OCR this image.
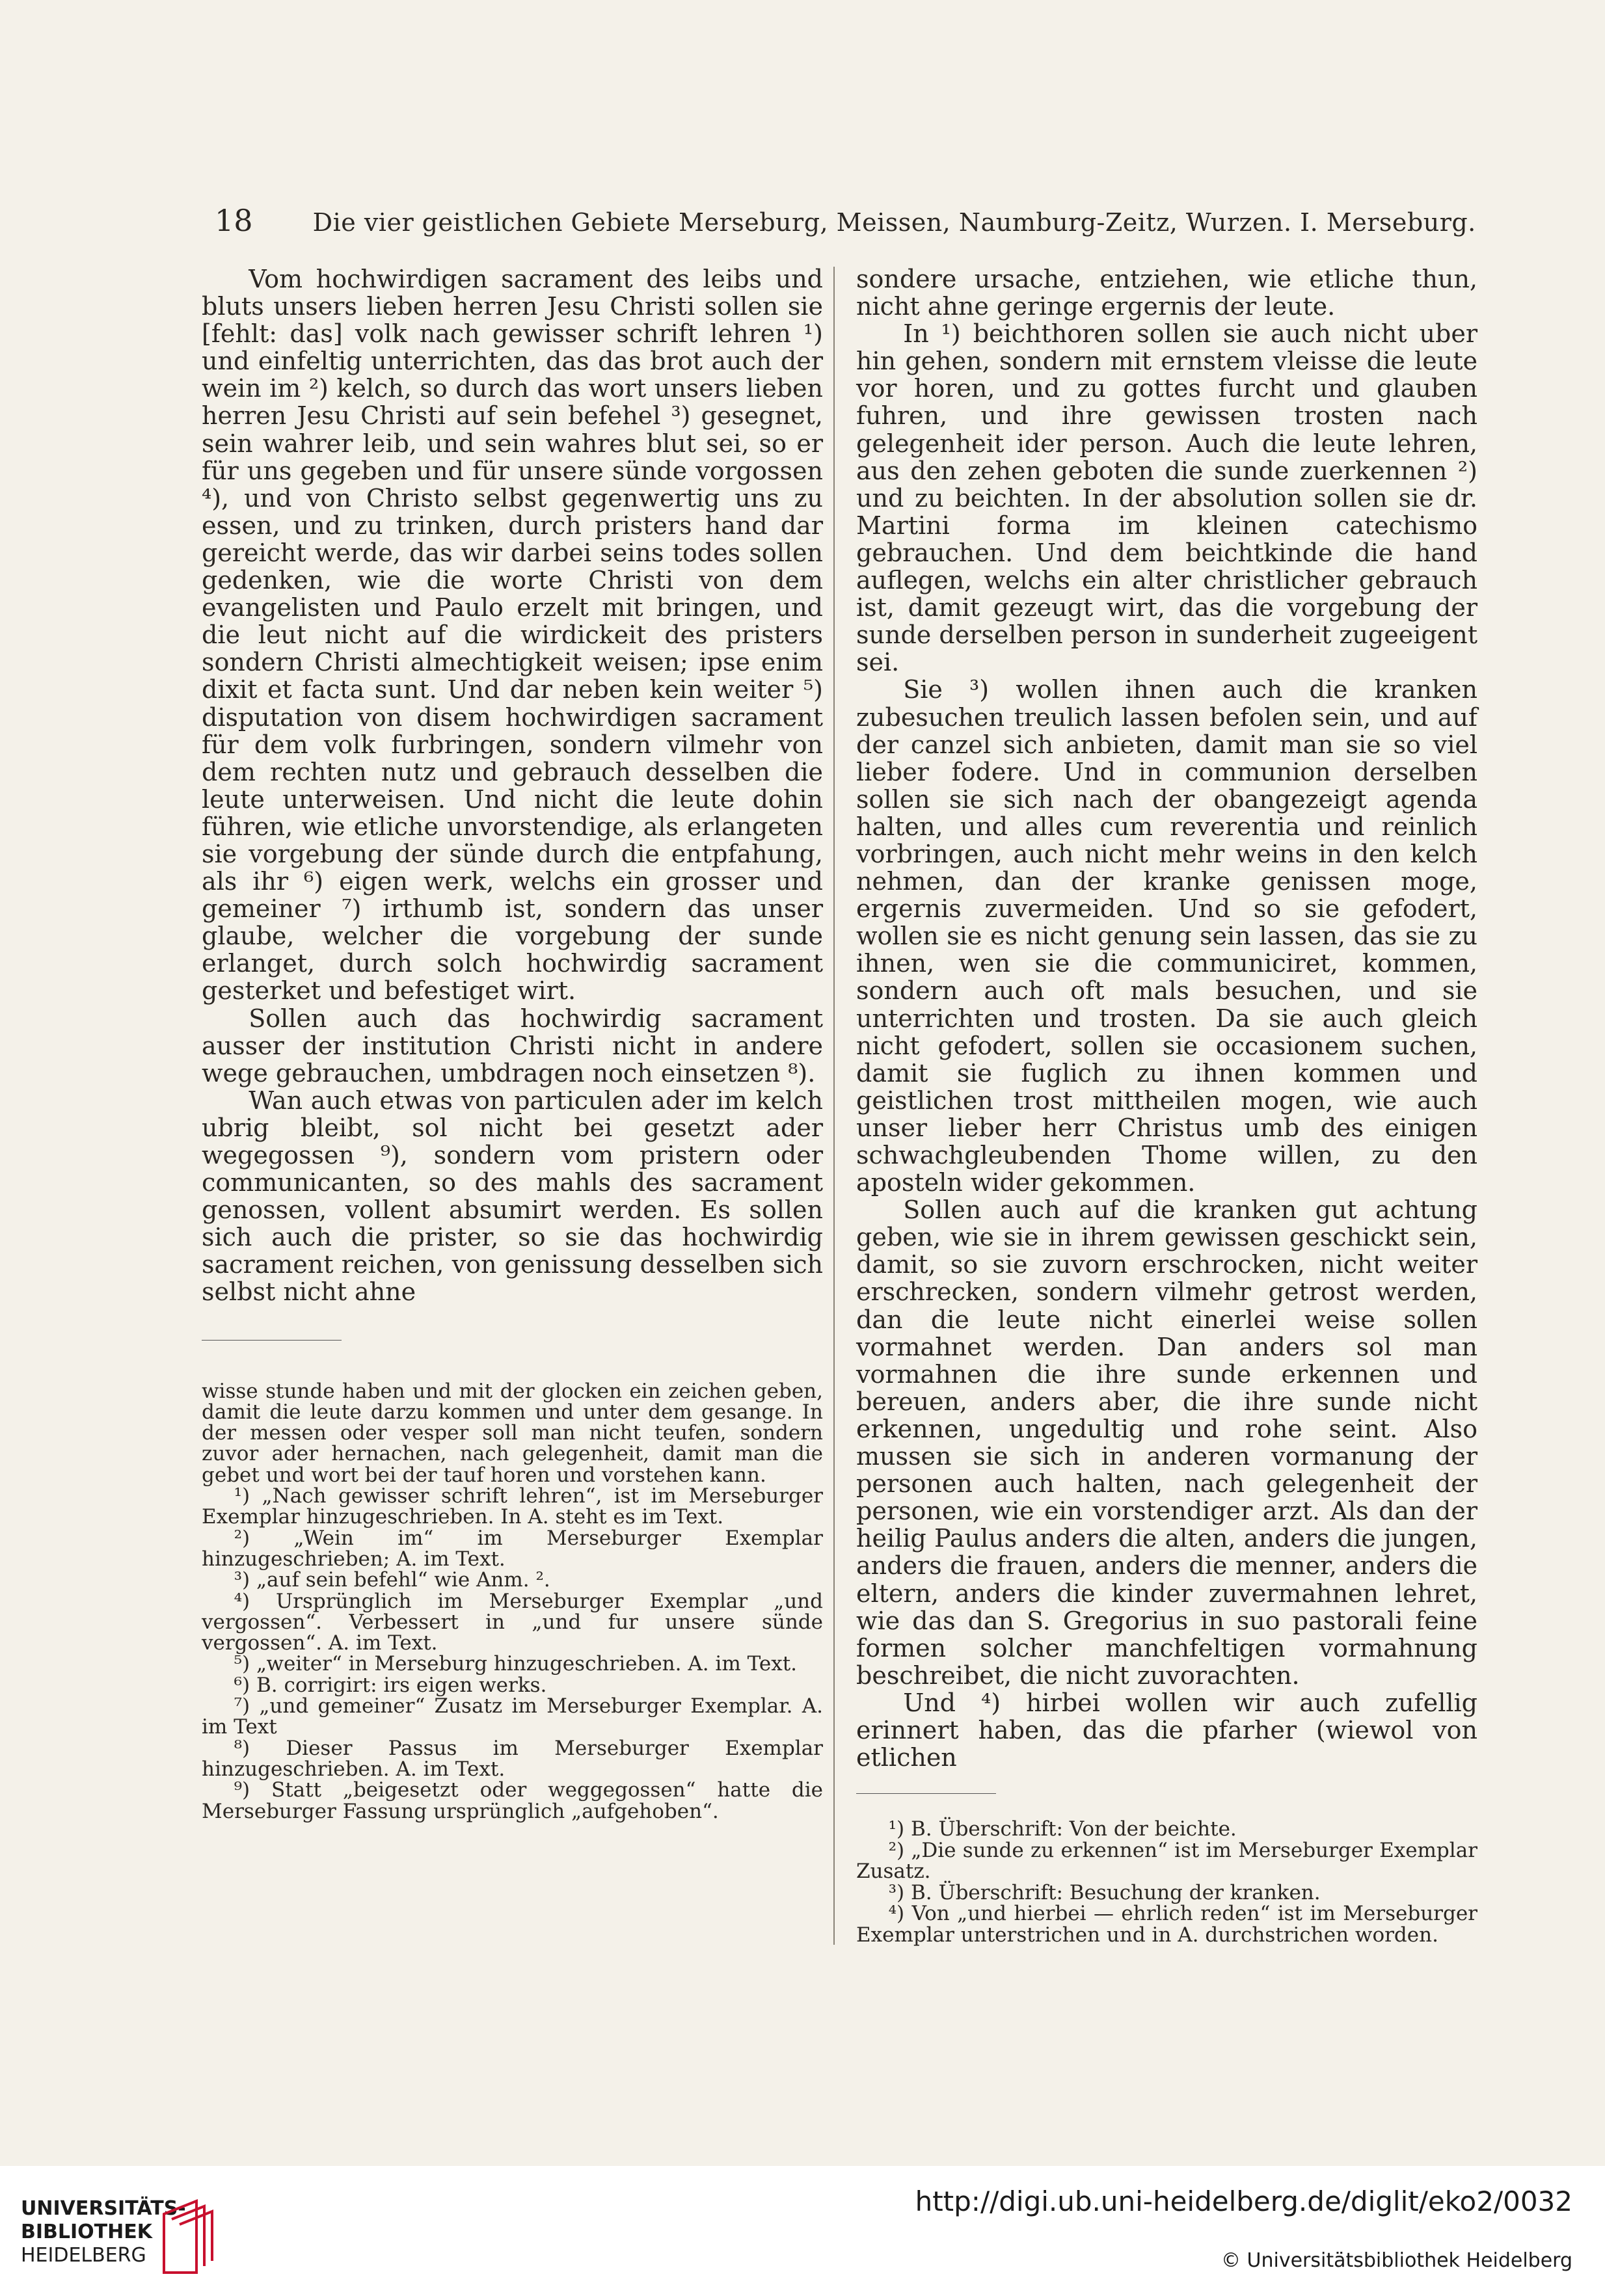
18 Die vier geistlichen Gebiete Merseburg, Meissen, Naumburg-Zeitz, Wurzen. I. Merseburg.

Vom hochwirdigen sacrament des leibs und bluts unsers lieben herren Jesu Christi sollen sie [fehlt: das] volk nach gewisser schrift lehren ¹) und einfeltig unterrichten, das das brot auch der wein im ²) kelch, so durch das wort unsers lieben herren Jesu Christi auf sein befehel ³) gesegnet, sein wahrer leib, und sein wahres blut sei, so er für uns gegeben und für unsere sünde vorgossen ⁴), und von Christo selbst gegenwertig uns zu essen, und zu trinken, durch pristers hand dar gereicht werde, das wir darbei seins todes sollen gedenken, wie die worte Christi von dem evangelisten und Paulo erzelt mit bringen, und die leut nicht auf die wirdickeit des pristers sondern Christi almechtigkeit weisen; ipse enim dixit et facta sunt. Und dar neben kein weiter ⁵) disputation von disem hochwirdigen sacrament für dem volk furbringen, sondern vilmehr von dem rechten nutz und gebrauch desselben die leute unterweisen. Und nicht die leute dohin führen, wie etliche unvorstendige, als erlangeten sie vorgebung der sünde durch die entpfahung, als ihr ⁶) eigen werk, welchs ein grosser und gemeiner ⁷) irthumb ist, sondern das unser glaube, welcher die vorgebung der sunde erlanget, durch solch hochwirdig sacrament gesterket und befestiget wirt.

Sollen auch das hochwirdig sacrament ausser der institution Christi nicht in andere wege gebrauchen, umbdragen noch einsetzen ⁸).

Wan auch etwas von particulen ader im kelch ubrig bleibt, sol nicht bei gesetzt ader wegegossen ⁹), sondern vom pristern oder communicanten, so des mahls des sacrament genossen, vollent absumirt werden. Es sollen sich auch die prister, so sie das hochwirdig sacrament reichen, von genissung desselben sich selbst nicht ahne

wisse stunde haben und mit der glocken ein zeichen geben, damit die leute darzu kommen und unter dem gesange. In der messen oder vesper soll man nicht teufen, sondern zuvor ader hernachen, nach gelegenheit, damit man die gebet und wort bei der tauf horen und vorstehen kann.

¹) „Nach gewisser schrift lehren“, ist im Merseburger Exemplar hinzugeschrieben. In A. steht es im Text.

²) „Wein im“ im Merseburger Exemplar hinzugeschrieben; A. im Text.

³) „auf sein befehl“ wie Anm. ².

⁴) Ursprünglich im Merseburger Exemplar „und vergossen“. Verbessert in „und fur unsere sünde vergossen“. A. im Text.

⁵) „weiter“ in Merseburg hinzugeschrieben. A. im Text.

⁶) B. corrigirt: irs eigen werks.

⁷) „und gemeiner“ Zusatz im Merseburger Exemplar. A. im Text

⁸) Dieser Passus im Merseburger Exemplar hinzugeschrieben. A. im Text.

⁹) Statt „beigesetzt oder weggegossen“ hatte die Merseburger Fassung ursprünglich „aufgehoben“.

sondere ursache, entziehen, wie etliche thun, nicht ahne geringe ergernis der leute.

In ¹) beichthoren sollen sie auch nicht uber hin gehen, sondern mit ernstem vleisse die leute vor horen, und zu gottes furcht und glauben fuhren, und ihre gewissen trosten nach gelegenheit ider person. Auch die leute lehren, aus den zehen geboten die sunde zuerkennen ²) und zu beichten. In der absolution sollen sie dr. Martini forma im kleinen catechismo gebrauchen. Und dem beichtkinde die hand auflegen, welchs ein alter christlicher gebrauch ist, damit gezeugt wirt, das die vorgebung der sunde derselben person in sunderheit zugeeigent sei.

Sie ³) wollen ihnen auch die kranken zubesuchen treulich lassen befolen sein, und auf der canzel sich anbieten, damit man sie so viel lieber fodere. Und in communion derselben sollen sie sich nach der obangezeigt agenda halten, und alles cum reverentia und reinlich vorbringen, auch nicht mehr weins in den kelch nehmen, dan der kranke genissen moge, ergernis zuvermeiden. Und so sie gefodert, wollen sie es nicht genung sein lassen, das sie zu ihnen, wen sie die communiciret, kommen, sondern auch oft mals besuchen, und sie unterrichten und trosten. Da sie auch gleich nicht gefodert, sollen sie occasionem suchen, damit sie fuglich zu ihnen kommen und geistlichen trost mittheilen mogen, wie auch unser lieber herr Christus umb des einigen schwachgleubenden Thome willen, zu den aposteln wider gekommen.

Sollen auch auf die kranken gut achtung geben, wie sie in ihrem gewissen geschickt sein, damit, so sie zuvorn erschrocken, nicht weiter erschrecken, sondern vilmehr getrost werden, dan die leute nicht einerlei weise sollen vormahnet werden. Dan anders sol man vormahnen die ihre sunde erkennen und bereuen, anders aber, die ihre sunde nicht erkennen, ungedultig und rohe seint. Also mussen sie sich in anderen vormanung der personen auch halten, nach gelegenheit der personen, wie ein vorstendiger arzt. Als dan der heilig Paulus anders die alten, anders die jungen, anders die frauen, anders die menner, anders die eltern, anders die kinder zuvermahnen lehret, wie das dan S. Gregorius in suo pastorali feine formen solcher manchfeltigen vormahnung beschreibet, die nicht zuvorachten.

Und ⁴) hirbei wollen wir auch zufellig erinnert haben, das die pfarher (wiewol von etlichen

¹) B. Überschrift: Von der beichte.

²) „Die sunde zu erkennen“ ist im Merseburger Exemplar Zusatz.

³) B. Überschrift: Besuchung der kranken.

⁴) Von „und hierbei — ehrlich reden“ ist im Merseburger Exemplar unterstrichen und in A. durchstrichen worden.

UNIVERSITÄTS-
BIBLIOTHEK
HEIDELBERG
http://digi.ub.uni-heidelberg.de/diglit/eko2/0032
© Universitätsbibliothek Heidelberg
